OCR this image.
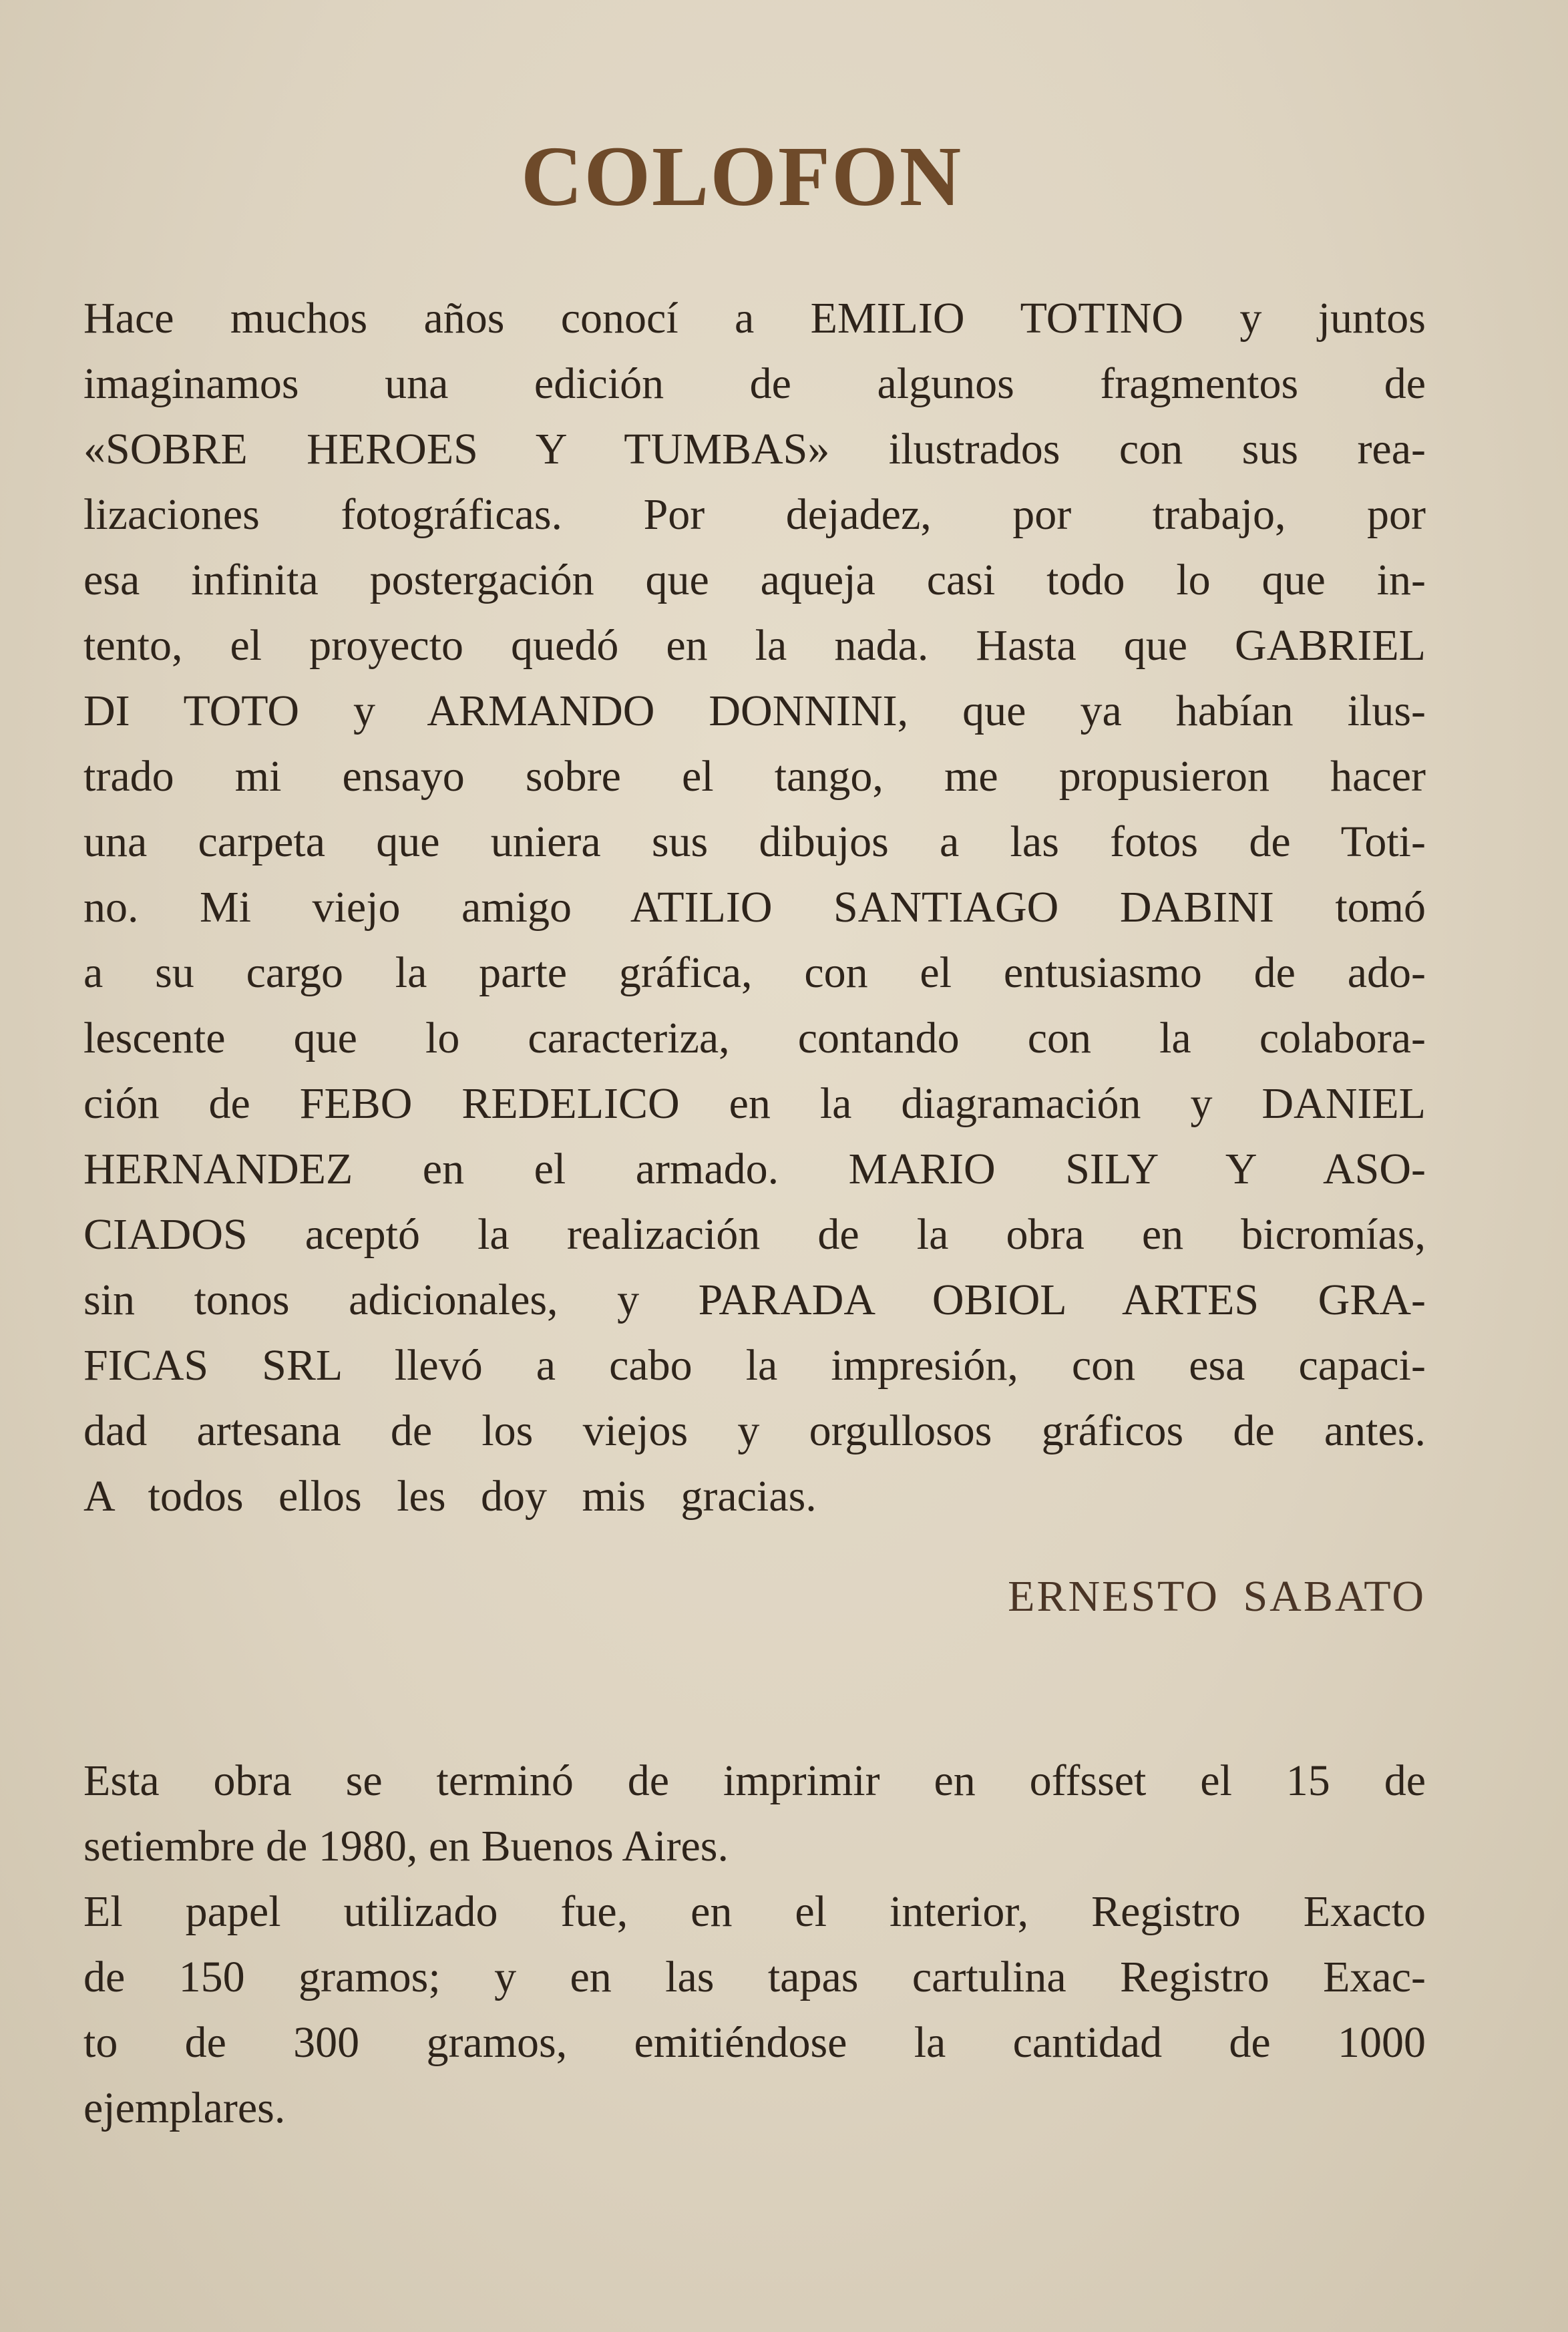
COLOFON
Hace muchos años conocí a EMILIO TOTINO y juntos
imaginamos una edición de algunos fragmentos de
«SOBRE HEROES Y TUMBAS» ilustrados con sus rea-
lizaciones fotográficas. Por dejadez, por trabajo, por
esa infinita postergación que aqueja casi todo lo que in-
tento, el proyecto quedó en la nada. Hasta que GABRIEL
DI TOTO y ARMANDO DONNINI, que ya habían ilus-
trado mi ensayo sobre el tango, me propusieron hacer
una carpeta que uniera sus dibujos a las fotos de Toti-
no. Mi viejo amigo ATILIO SANTIAGO DABINI tomó
a su cargo la parte gráfica, con el entusiasmo de ado-
lescente que lo caracteriza, contando con la colabora-
ción de FEBO REDELICO en la diagramación y DANIEL
HERNANDEZ en el armado. MARIO SILY Y ASO-
CIADOS aceptó la realización de la obra en bicromías,
sin tonos adicionales, y PARADA OBIOL ARTES GRA-
FICAS SRL llevó a cabo la impresión, con esa capaci-
dad artesana de los viejos y orgullosos gráficos de antes.
A todos ellos les doy mis gracias.
ERNESTO SABATO
Esta obra se terminó de imprimir en offsset el 15 de
setiembre de 1980, en Buenos Aires.
El papel utilizado fue, en el interior, Registro Exacto
de 150 gramos; y en las tapas cartulina Registro Exac-
to de 300 gramos, emitiéndose la cantidad de 1000
ejemplares.
